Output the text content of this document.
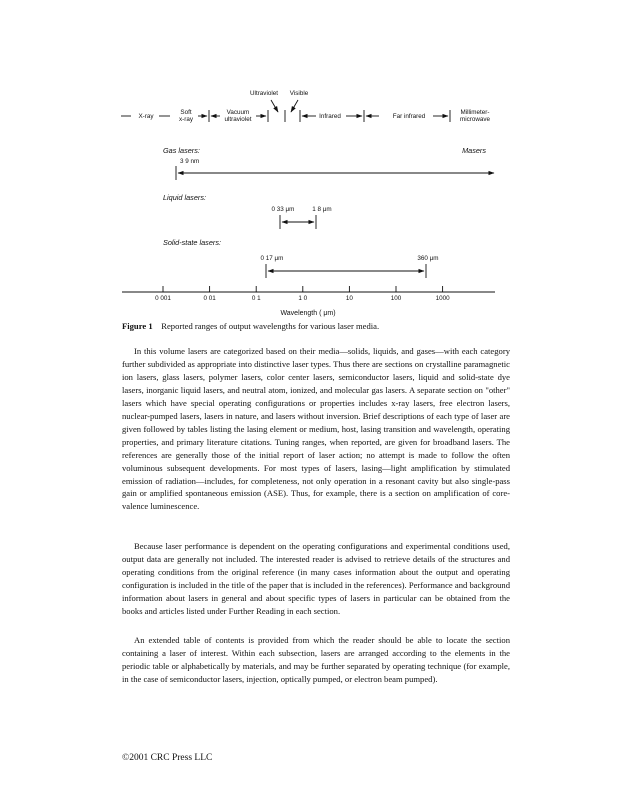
Ultraviolet Visible
X-ray
Soft
x-ray
Vacuum
ultraviolet	Infrared	Far infrared
Millimeter-
microwave
Gas lasers:	Masers
3 9 nm
Liquid lasers:
0 33 μm	1 8 μm
Solid-state lasers:
0 17 μm	360 μm
0 001	0 01	0 1	1 0	10	100	1000
Wavelength ( μm)
Figure 1 Reported ranges of output wavelengths for various laser media.

In this volume lasers are categorized based on their media—solids, liquids, and gases—with each category further subdivided as appropriate into distinctive laser types. Thus there are sections on crystalline paramagnetic ion lasers, glass lasers, polymer lasers, color center lasers, semiconductor lasers, liquid and solid-state dye lasers, inorganic liquid lasers, and neutral atom, ionized, and molecular gas lasers. A separate section on "other" lasers which have special operating configurations or properties includes x-ray lasers, free electron lasers, nuclear-pumped lasers, lasers in nature, and lasers without inversion. Brief descriptions of each type of laser are given followed by tables listing the lasing element or medium, host, lasing transition and wavelength, operating properties, and primary literature citations. Tuning ranges, when reported, are given for broadband lasers. The references are generally those of the initial report of laser action; no attempt is made to follow the often voluminous subsequent developments. For most types of lasers, lasing—light amplification by stimulated emission of radiation—includes, for completeness, not only operation in a resonant cavity but also single-pass gain or amplified spontaneous emission (ASE). Thus, for example, there is a section on amplification of core-valence luminescence.

Because laser performance is dependent on the operating configurations and experimental conditions used, output data are generally not included. The interested reader is advised to retrieve details of the structures and operating conditions from the original reference (in many cases information about the output and operating configuration is included in the title of the paper that is included in the references). Performance and background information about lasers in general and about specific types of lasers in particular can be obtained from the books and articles listed under Further Reading in each section.

An extended table of contents is provided from which the reader should be able to locate the section containing a laser of interest. Within each subsection, lasers are arranged according to the elements in the periodic table or alphabetically by materials, and may be further separated by operating technique (for example, in the case of semiconductor lasers, injection, optically pumped, or electron beam pumped).

©2001 CRC Press LLC
